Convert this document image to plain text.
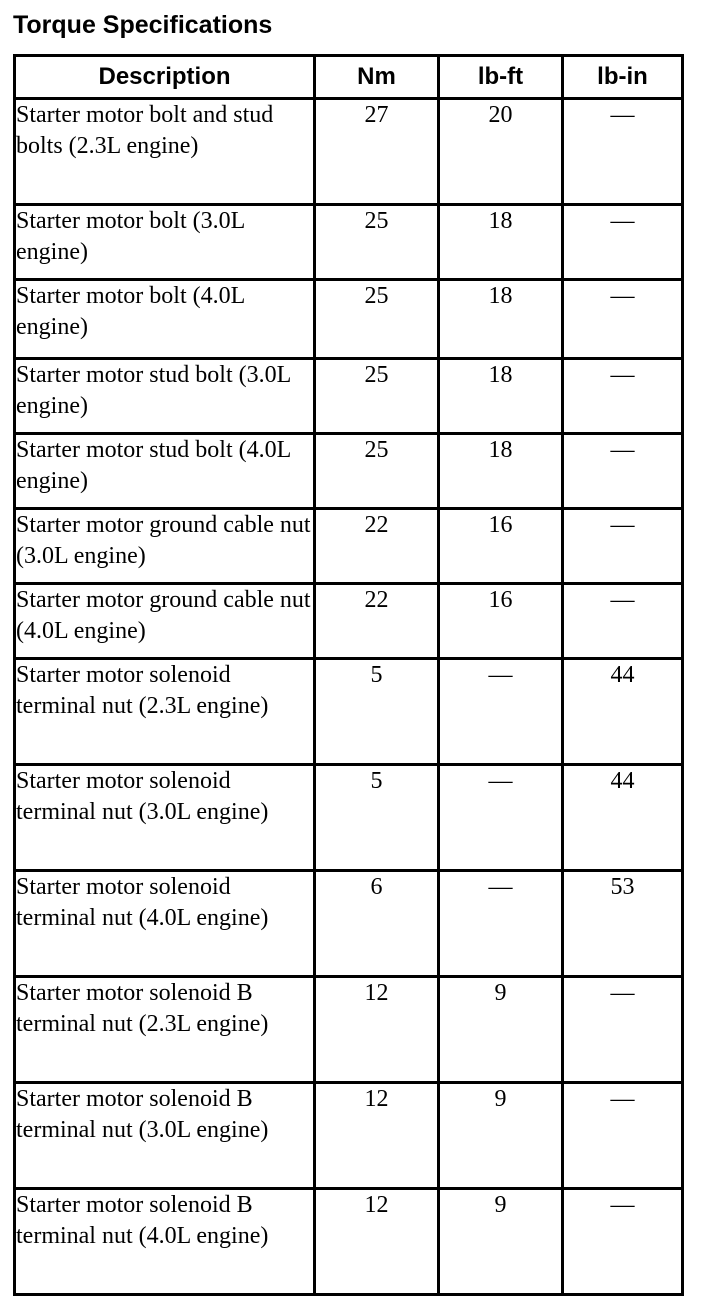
Torque Specifications
Description	Nm	lb-ft	lb-in
Starter motor bolt and stud bolts (2.3L engine)	27	20	—
Starter motor bolt (3.0L engine)	25	18	—
Starter motor bolt (4.0L engine)	25	18	—
Starter motor stud bolt (3.0L engine)	25	18	—
Starter motor stud bolt (4.0L engine)	25	18	—
Starter motor ground cable nut (3.0L engine)	22	16	—
Starter motor ground cable nut (4.0L engine)	22	16	—
Starter motor solenoid terminal nut (2.3L engine)	5	—	44
Starter motor solenoid terminal nut (3.0L engine)	5	—	44
Starter motor solenoid terminal nut (4.0L engine)	6	—	53
Starter motor solenoid B terminal nut (2.3L engine)	12	9	—
Starter motor solenoid B terminal nut (3.0L engine)	12	9	—
Starter motor solenoid B terminal nut (4.0L engine)	12	9	—
